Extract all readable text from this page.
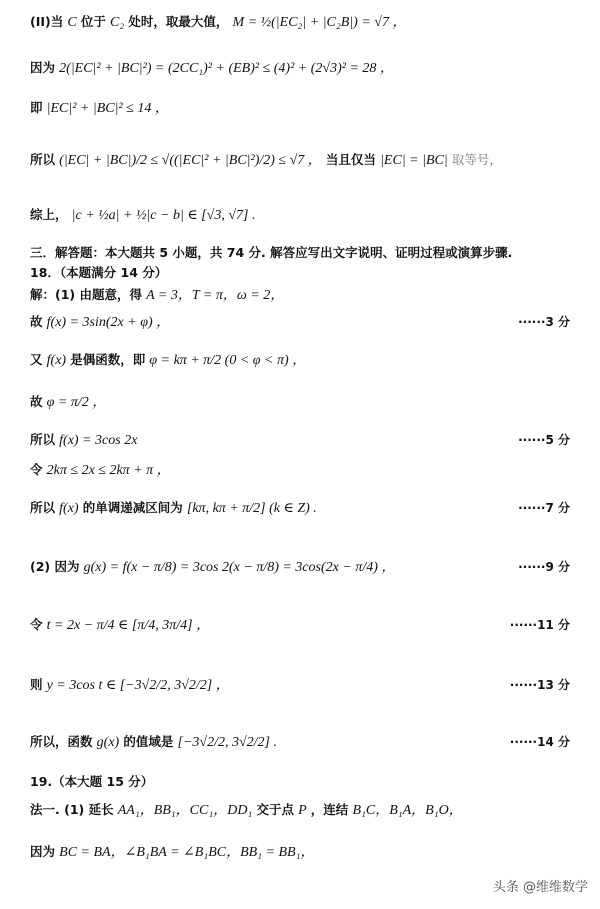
(II)当 C 位于 C₂ 处时，取最大值， M = ½(|EC₂| + |C₂B|) = √7 ，
因为 2(|EC|² + |BC|²) = (2CC₁)² + (EB)² ≤ (4)² + (2√3)² = 28 ，
即 |EC|² + |BC|² ≤ 14 ，
所以 (|EC| + |BC|)/2 ≤ √((|EC|² + |BC|²)/2) ≤ √7 ， 当且仅当 |EC| = |BC| 取等号，
综上， |c + ½a| + ½|c − b| ∈ [√3, √7] .
三．解答题：本大题共 5 小题，共 74 分. 解答应写出文字说明、证明过程或演算步骤.
18．（本题满分 14 分）
解：(1) 由题意，得 A = 3，T = π，ω = 2，
故 f(x) = 3sin(2x + φ) ，	······3 分
又 f(x) 是偶函数，即 φ = kπ + π/2 (0 < φ < π) ，
故 φ = π/2 ，
所以 f(x) = 3cos 2x	······5 分
令 2kπ ≤ 2x ≤ 2kπ + π ，
所以 f(x) 的单调递减区间为 [kπ, kπ + π/2] (k ∈ Z) .	······7 分
(2) 因为 g(x) = f(x − π/8) = 3cos 2(x − π/8) = 3cos(2x − π/4) ，	······9 分
令 t = 2x − π/4 ∈ [π/4, 3π/4] ，	······11 分
则 y = 3cos t ∈ [−3√2/2, 3√2/2] ，	······13 分
所以，函数 g(x) 的值域是 [−3√2/2, 3√2/2] .	······14 分
19.（本大题 15 分）
法一. (1) 延长 AA₁，BB₁，CC₁，DD₁ 交于点 P ，连结 B₁C，B₁A，B₁O，
因为 BC = BA，∠B₁BA = ∠B₁BC，BB₁ = BB₁，
头条 @维维数学
